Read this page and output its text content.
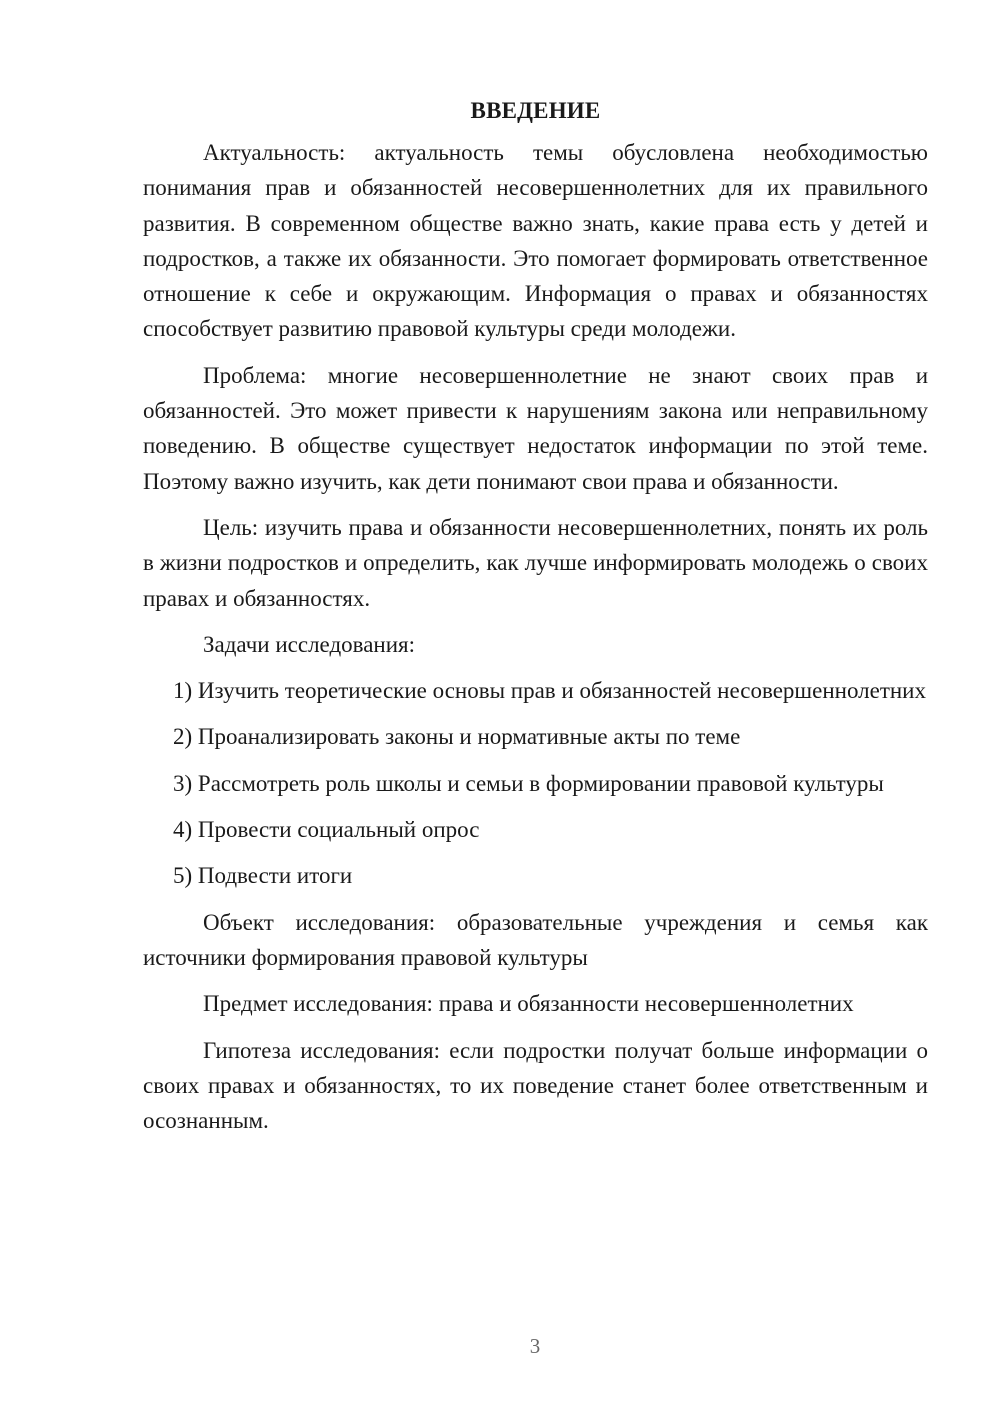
ВВЕДЕНИЕ

Актуальность: актуальность темы обусловлена необходимостью понимания прав и обязанностей несовершеннолетних для их правильного развития. В современном обществе важно знать, какие права есть у детей и подростков, а также их обязанности. Это помогает формировать ответственное отношение к себе и окружающим. Информация о правах и обязанностях способствует развитию правовой культуры среди молодежи.

Проблема: многие несовершеннолетние не знают своих прав и обязанностей. Это может привести к нарушениям закона или неправильному поведению. В обществе существует недостаток информации по этой теме. Поэтому важно изучить, как дети понимают свои права и обязанности.

Цель: изучить права и обязанности несовершеннолетних, понять их роль в жизни подростков и определить, как лучше информировать молодежь о своих правах и обязанностях.

Задачи исследования:

1) Изучить теоретические основы прав и обязанностей несовершеннолетних

2) Проанализировать законы и нормативные акты по теме

3) Рассмотреть роль школы и семьи в формировании правовой культуры

4) Провести социальный опрос

5) Подвести итоги

Объект исследования: образовательные учреждения и семья как источники формирования правовой культуры

Предмет исследования: права и обязанности несовершеннолетних

Гипотеза исследования: если подростки получат больше информации о своих правах и обязанностях, то их поведение станет более ответственным и осознанным.

3
